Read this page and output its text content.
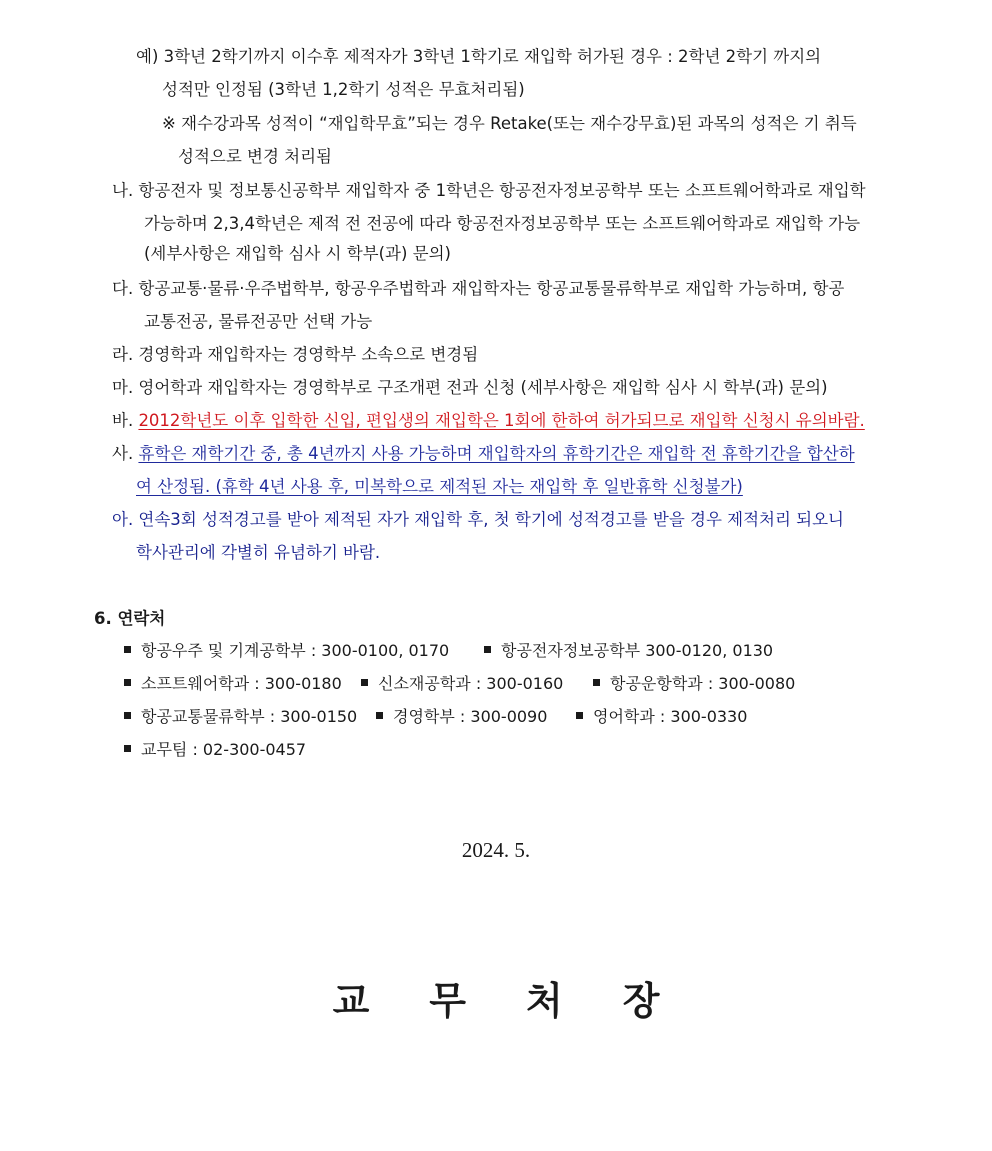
예) 3학년 2학기까지 이수후 제적자가 3학년 1학기로 재입학 허가된 경우 : 2학년 2학기 까지의
성적만 인정됨 (3학년 1,2학기 성적은 무효처리됨)
※ 재수강과목 성적이 “재입학무효”되는 경우 Retake(또는 재수강무효)된 과목의 성적은 기 취득
성적으로 변경 처리됨
나. 항공전자 및 정보통신공학부 재입학자 중 1학년은 항공전자정보공학부 또는 소프트웨어학과로 재입학
가능하며 2,3,4학년은 제적 전 전공에 따라 항공전자정보공학부 또는 소프트웨어학과로 재입학 가능
(세부사항은 재입학 심사 시 학부(과) 문의)
다. 항공교통·물류·우주법학부, 항공우주법학과 재입학자는 항공교통물류학부로 재입학 가능하며, 항공
교통전공, 물류전공만 선택 가능
라. 경영학과 재입학자는 경영학부 소속으로 변경됨
마. 영어학과 재입학자는 경영학부로 구조개편 전과 신청 (세부사항은 재입학 심사 시 학부(과) 문의)
바. 2012학년도 이후 입학한 신입, 편입생의 재입학은 1회에 한하여 허가되므로 재입학 신청시 유의바람.
사. 휴학은 재학기간 중, 총 4년까지 사용 가능하며 재입학자의 휴학기간은 재입학 전 휴학기간을 합산하
여 산정됨. (휴학 4년 사용 후, 미복학으로 제적된 자는 재입학 후 일반휴학 신청불가)
아. 연속3회 성적경고를 받아 제적된 자가 재입학 후, 첫 학기에 성적경고를 받을 경우 제적처리 되오니
학사관리에 각별히 유념하기 바람.
6. 연락처
항공우주 및 기계공학부 : 300-0100, 0170	항공전자정보공학부 300-0120, 0130
소프트웨어학과 : 300-0180 신소재공학과 : 300-0160	항공운항학과 : 300-0080
항공교통물류학부 : 300-0150 경영학부 : 300-0090	영어학과 : 300-0330
교무팀 : 02-300-0457
2024. 5.
교 무 처 장
